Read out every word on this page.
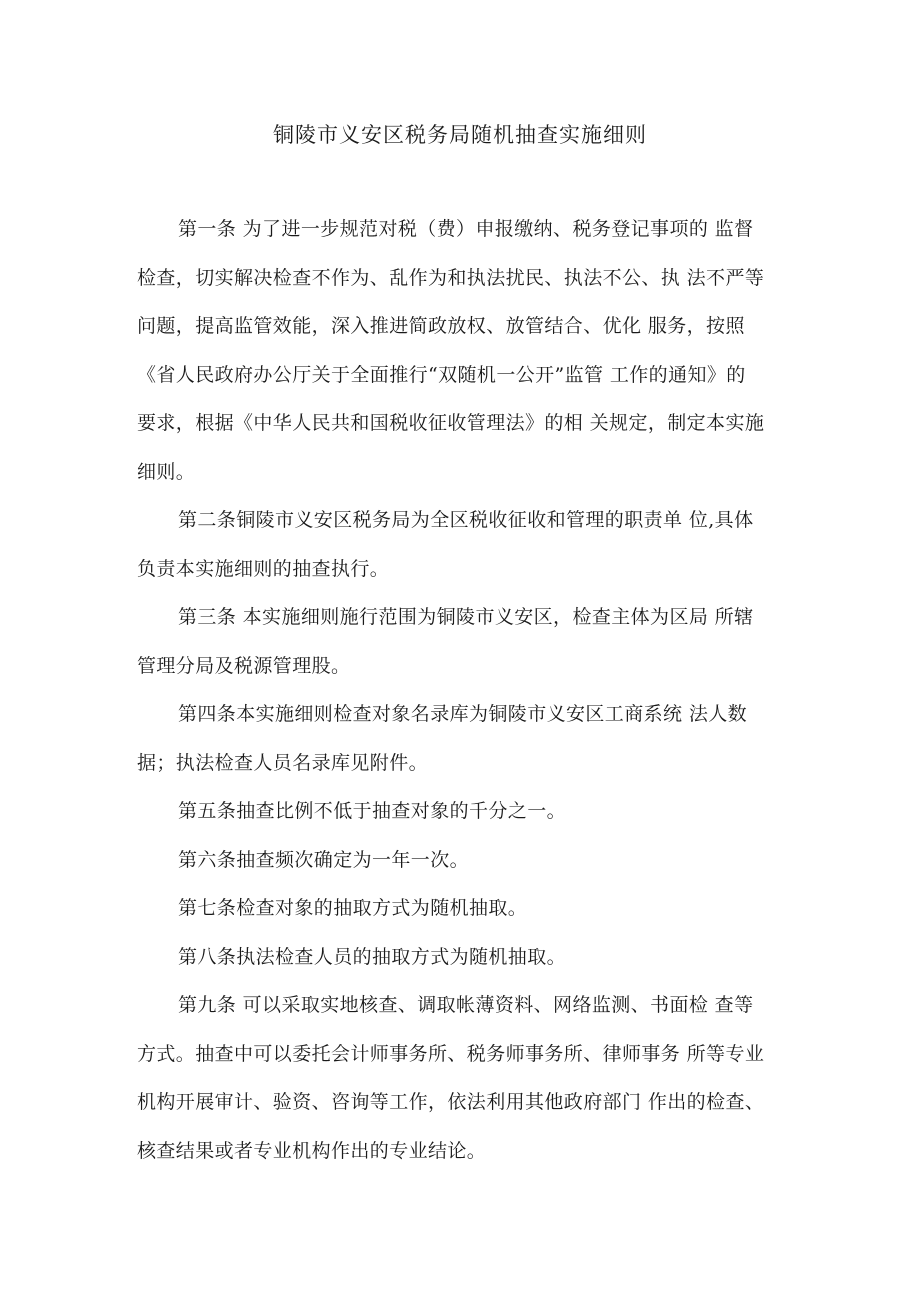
铜陵市义安区税务局随机抽查实施细则
第一条 为了进一步规范对税（费）申报缴纳、税务登记事项的 监督
检查，切实解决检查不作为、乱作为和执法扰民、执法不公、执 法不严等
问题，提高监管效能，深入推进简政放权、放管结合、优化 服务，按照
《省人民政府办公厅关于全面推行“双随机一公开”监管 工作的通知》的
要求，根据《中华人民共和国税收征收管理法》的相 关规定，制定本实施
细则。
第二条铜陵市义安区税务局为全区税收征收和管理的职责单 位,具体
负责本实施细则的抽查执行。
第三条 本实施细则施行范围为铜陵市义安区，检查主体为区局 所辖
管理分局及税源管理股。
第四条本实施细则检查对象名录库为铜陵市义安区工商系统 法人数
据；执法检查人员名录库见附件。
第五条抽查比例不低于抽查对象的千分之一。
第六条抽查频次确定为一年一次。
第七条检查对象的抽取方式为随机抽取。
第八条执法检查人员的抽取方式为随机抽取。
第九条 可以采取实地核查、调取帐薄资料、网络监测、书面检 查等
方式。抽查中可以委托会计师事务所、税务师事务所、律师事务 所等专业
机构开展审计、验资、咨询等工作，依法利用其他政府部门 作出的检查、
核查结果或者专业机构作出的专业结论。
